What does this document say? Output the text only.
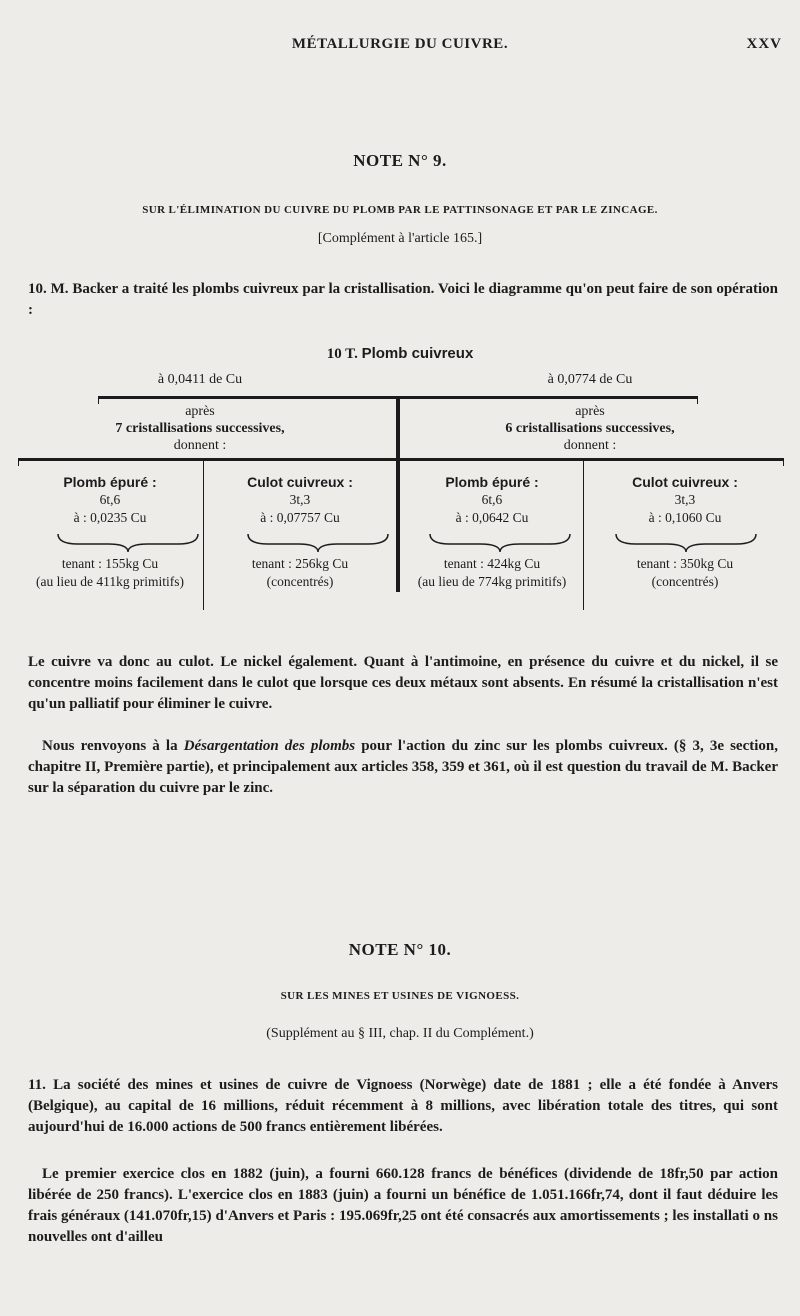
MÉTALLURGIE DU CUIVRE.	XXV
NOTE N° 9.
SUR L'ÉLIMINATION DU CUIVRE DU PLOMB PAR LE PATTINSONAGE ET PAR LE ZINCAGE.
[Complément à l'article 165.]
10. M. Backer a traité les plombs cuivreux par la cristallisation. Voici le diagramme qu'on peut faire de son opération :
10 T. Plomb cuivreux
à 0,0411 de Cu	à 0,0774 de Cu
après
7 cristallisations successives,
donnent :
après
6 cristallisations successives,
donnent :
Plomb épuré :
6t,6
à : 0,0235 Cu
tenant : 155kg Cu
(au lieu de 411kg primitifs)
Culot cuivreux :
3t,3
à : 0,07757 Cu
tenant : 256kg Cu
(concentrés)
Plomb épuré :
6t,6
à : 0,0642 Cu
tenant : 424kg Cu
(au lieu de 774kg primitifs)
Culot cuivreux :
3t,3
à : 0,1060 Cu
tenant : 350kg Cu
(concentrés)
Le cuivre va donc au culot. Le nickel également. Quant à l'antimoine, en présence du cuivre et du nickel, il se concentre moins facilement dans le culot que lorsque ces deux métaux sont absents. En résumé la cristallisation n'est qu'un palliatif pour éliminer le cuivre.
Nous renvoyons à la Désargentation des plombs pour l'action du zinc sur les plombs cuivreux. (§ 3, 3e section, chapitre II, Première partie), et principalement aux articles 358, 359 et 361, où il est question du travail de M. Backer sur la séparation du cuivre par le zinc.
NOTE N° 10.
SUR LES MINES ET USINES DE VIGNOESS.
(Supplément au § III, chap. II du Complément.)
11. La société des mines et usines de cuivre de Vignoess (Norwège) date de 1881 ; elle a été fondée à Anvers (Belgique), au capital de 16 millions, réduit récemment à 8 millions, avec libération totale des titres, qui sont aujourd'hui de 16.000 actions de 500 francs entièrement libérées.
Le premier exercice clos en 1882 (juin), a fourni 660.128 francs de bénéfices (dividende de 18fr,50 par action libérée de 250 francs). L'exercice clos en 1883 (juin) a fourni un bénéfice de 1.051.166fr,74, dont il faut déduire les frais généraux (141.070fr,15) d'Anvers et Paris : 195.069fr,25 ont été consacrés aux amortissements ; les installati o ns nouvelles ont d'ailleu
